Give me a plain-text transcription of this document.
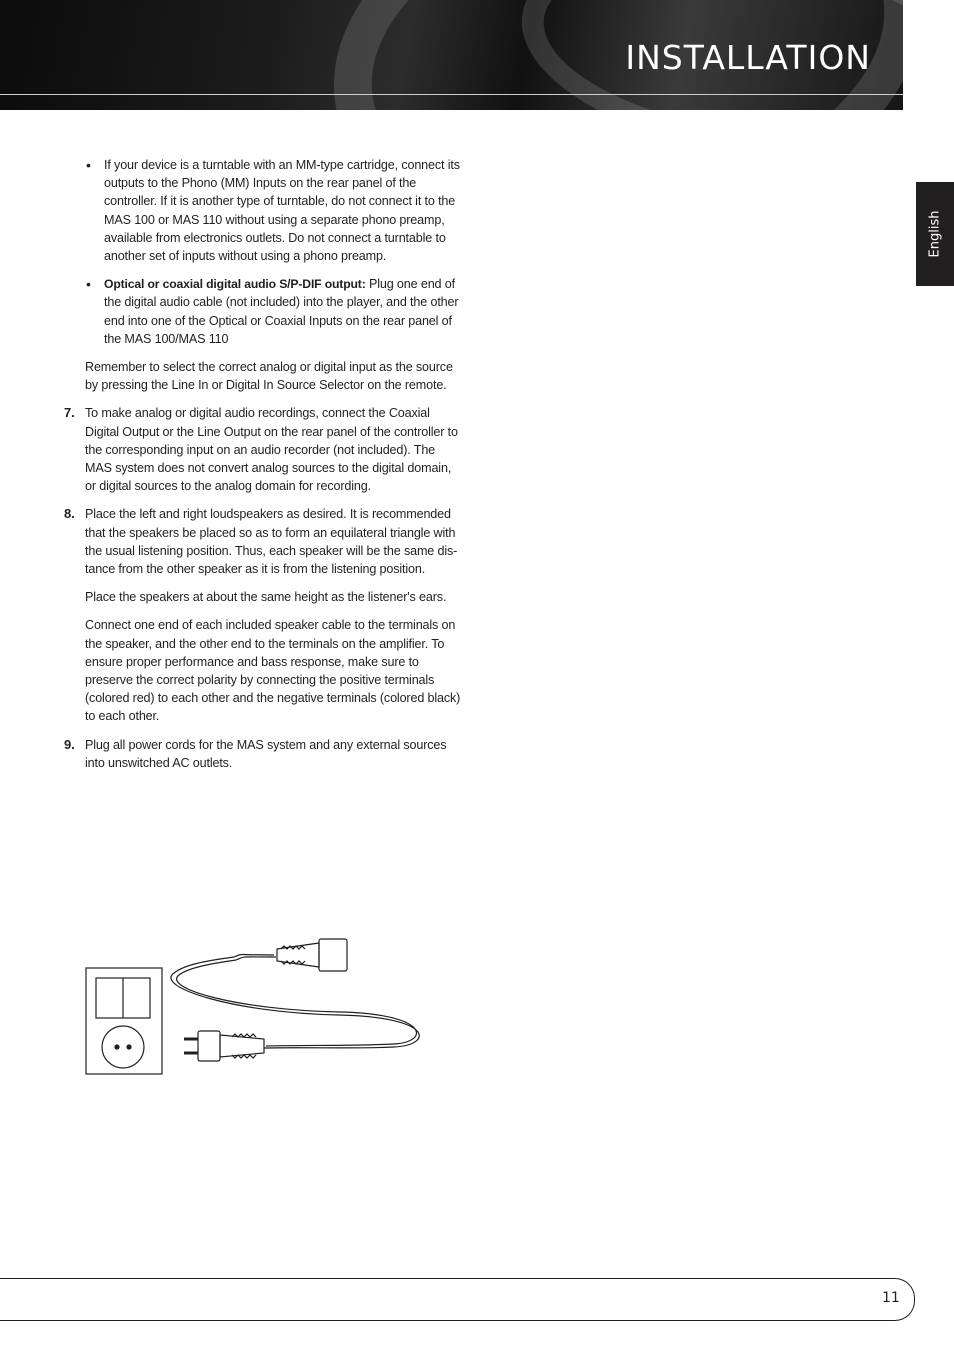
INSTALLATION
English
• If your device is a turntable with an MM-type cartridge, connect its outputs to the Phono (MM) Inputs on the rear panel of the controller. If it is another type of turntable, do not connect it to the MAS 100 or MAS 110 without using a separate phono preamp, available from electronics outlets. Do not connect a turntable to another set of inputs without using a phono preamp.
• Optical or coaxial digital audio S/P-DIF output: Plug one end of the digital audio cable (not included) into the player, and the other end into one of the Optical or Coaxial Inputs on the rear panel of the MAS 100/MAS 110

Remember to select the correct analog or digital input as the source by pressing the Line In or Digital In Source Selector on the remote.

7. To make analog or digital audio recordings, connect the Coaxial Digital Output or the Line Output on the rear panel of the controller to the corresponding input on an audio recorder (not included). The MAS system does not convert analog sources to the digital domain, or digital sources to the analog domain for recording.
8. Place the left and right loudspeakers as desired. It is recommended that the speakers be placed so as to form an equilateral triangle with the usual listening position. Thus, each speaker will be the same dis-tance from the other speaker as it is from the listening position.

Place the speakers at about the same height as the listener's ears.

Connect one end of each included speaker cable to the terminals on the speaker, and the other end to the terminals on the amplifier. To ensure proper performance and bass response, make sure to preserve the correct polarity by connecting the positive terminals (colored red) to each other and the negative terminals (colored black) to each other.

9. Plug all power cords for the MAS system and any external sources into unswitched AC outlets.
11
